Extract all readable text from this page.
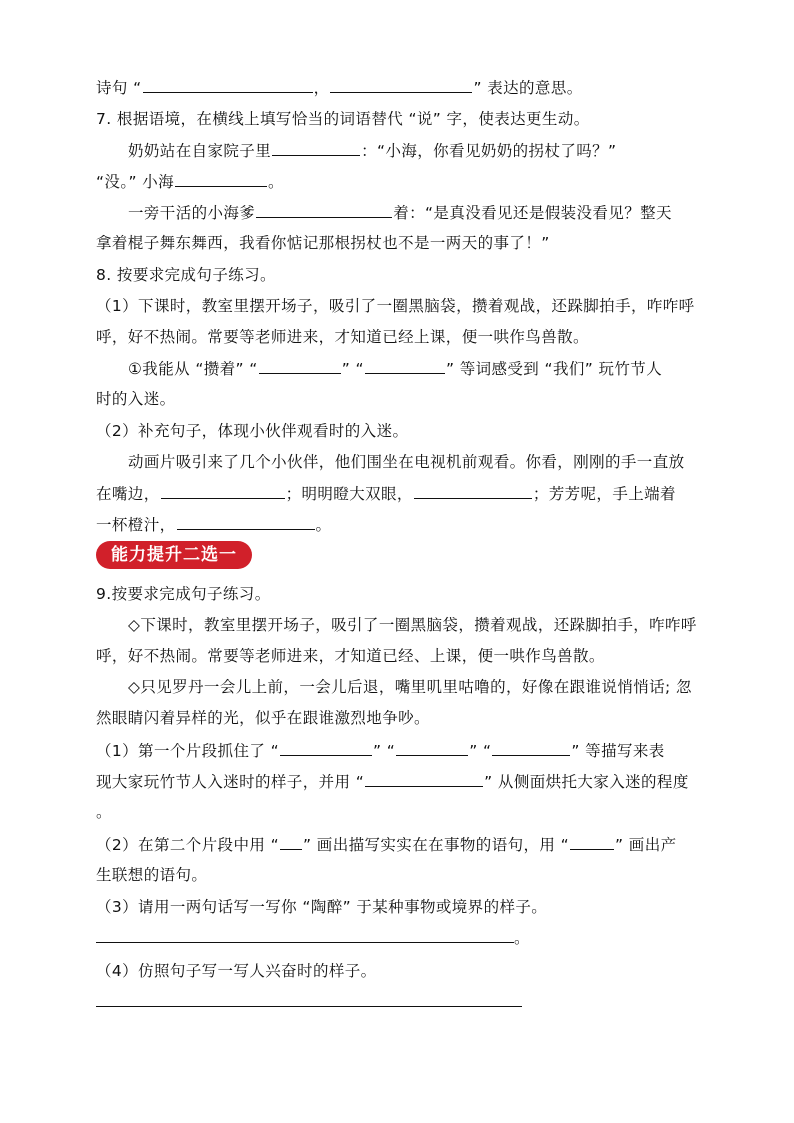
诗句 “	，	” 表达的意思。
7. 根据语境，在横线上填写恰当的词语替代 “说” 字，使表达更生动。
奶奶站在自家院子里	：“小海，你看见奶奶的拐杖了吗？”
“没。” 小海	。
一旁干活的小海爹	着：“是真没看见还是假装没看见？整天
拿着棍子舞东舞西，我看你惦记那根拐杖也不是一两天的事了！”
8. 按要求完成句子练习。
（1）下课时，教室里摆开场子，吸引了一圈黑脑袋，攒着观战，还跺脚拍手，咋咋呼
呼，好不热闹。常要等老师进来，才知道已经上课，便一哄作鸟兽散。
①我能从 “攒着” “	” “	” 等词感受到 “我们” 玩竹节人
时的入迷。
（2）补充句子，体现小伙伴观看时的入迷。
动画片吸引来了几个小伙伴，他们围坐在电视机前观看。你看，刚刚的手一直放
在嘴边，	；明明瞪大双眼，	；芳芳呢，手上端着
一杯橙汁，	。
能力提升二选一
9.按要求完成句子练习。
◇下课时，教室里摆开场子，吸引了一圈黑脑袋，攒着观战，还跺脚拍手，咋咋呼
呼，好不热闹。常要等老师进来，才知道已经、上课，便一哄作鸟兽散。
◇只见罗丹一会儿上前，一会儿后退，嘴里叽里咕噜的，好像在跟谁说悄悄话; 忽
然眼睛闪着异样的光，似乎在跟谁激烈地争吵。
（1）第一个片段抓住了 “	” “	” “	” 等描写来表
现大家玩竹节人入迷时的样子，并用 “	” 从侧面烘托大家入迷的程度
。
（2）在第二个片段中用 “ ” 画出描写实实在在事物的语句，用 “	” 画出产
生联想的语句。
（3）请用一两句话写一写你 “陶醉” 于某种事物或境界的样子。
。
（4）仿照句子写一写人兴奋时的样子。
